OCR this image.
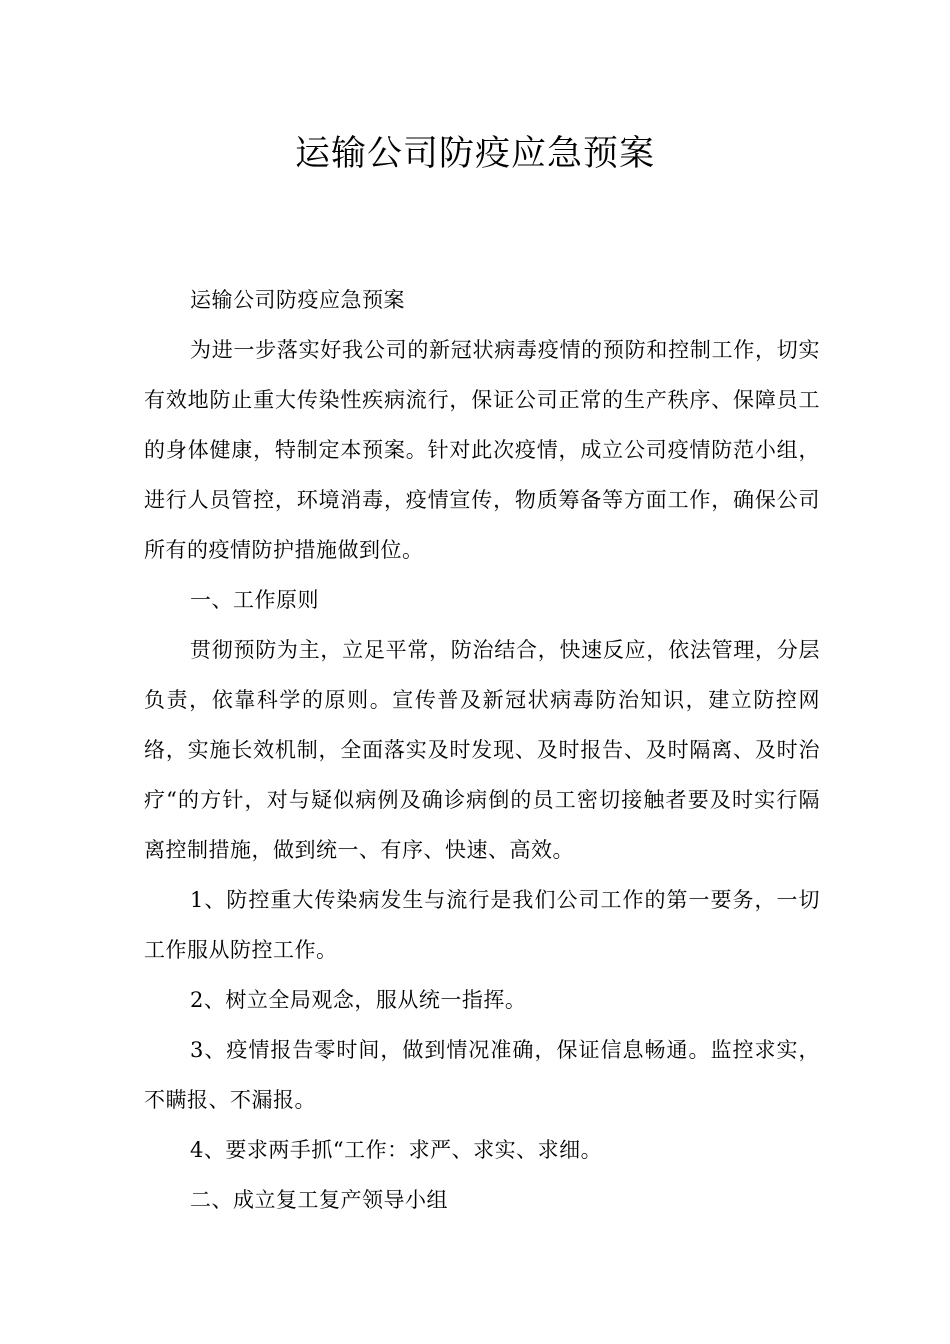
运输公司防疫应急预案

运输公司防疫应急预案

为进一步落实好我公司的新冠状病毒疫情的预防和控制工作，切实有效地防止重大传染性疾病流行，保证公司正常的生产秩序、保障员工的身体健康，特制定本预案。针对此次疫情，成立公司疫情防范小组，进行人员管控，环境消毒，疫情宣传，物质筹备等方面工作，确保公司所有的疫情防护措施做到位。

一、工作原则

贯彻预防为主，立足平常，防治结合，快速反应，依法管理，分层负责，依靠科学的原则。宣传普及新冠状病毒防治知识，建立防控网络，实施长效机制，全面落实及时发现、及时报告、及时隔离、及时治疗“的方针，对与疑似病例及确诊病倒的员工密切接触者要及时实行隔离控制措施，做到统一、有序、快速、高效。

1、防控重大传染病发生与流行是我们公司工作的第一要务，一切工作服从防控工作。

2、树立全局观念，服从统一指挥。

3、疫情报告零时间，做到情况准确，保证信息畅通。监控求实，不瞒报、不漏报。

4、要求两手抓“工作：求严、求实、求细。

二、成立复工复产领导小组
